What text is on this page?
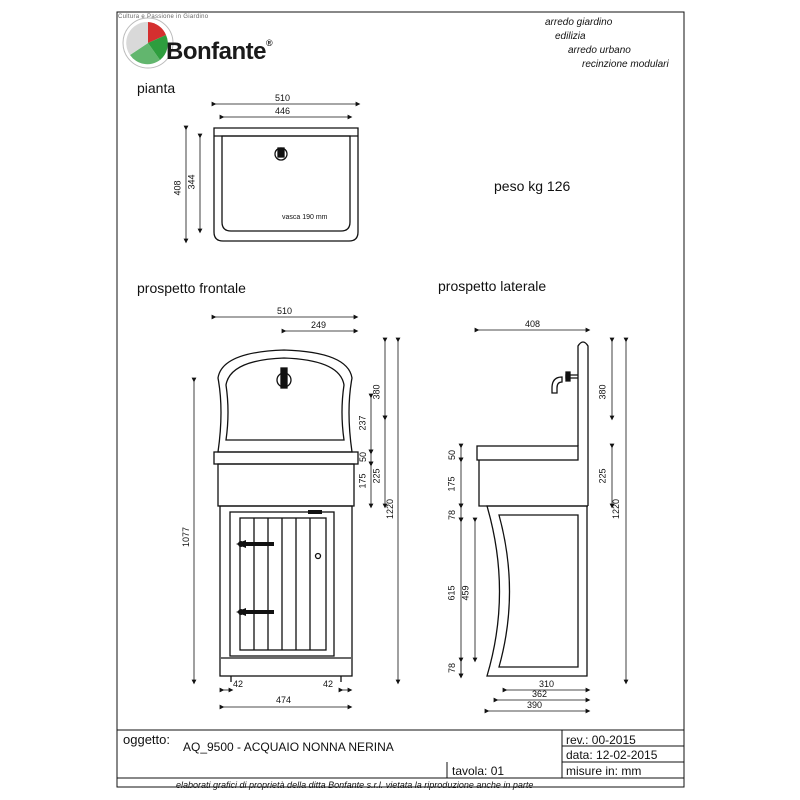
Cultura e Passione in Giardino
Bonfante®
arredo giardino
edilizia
arredo urbano
recinzione modulari
pianta
prospetto frontale	prospetto laterale
peso kg 126
510
446
408 344
vasca 190 mm
510
249
1077
380
237
50
175 225
1220
42	42
474
408
380
225
1220
50
175
78
615 459
78
310
362
390
oggetto: AQ_9500 - ACQUAIO NONNA NERINA	rev.: 00-2015
data: 12-02-2015
tavola: 01	misure in: mm
elaborati grafici di proprietà della ditta Bonfante s.r.l. vietata la riproduzione anche in parte
